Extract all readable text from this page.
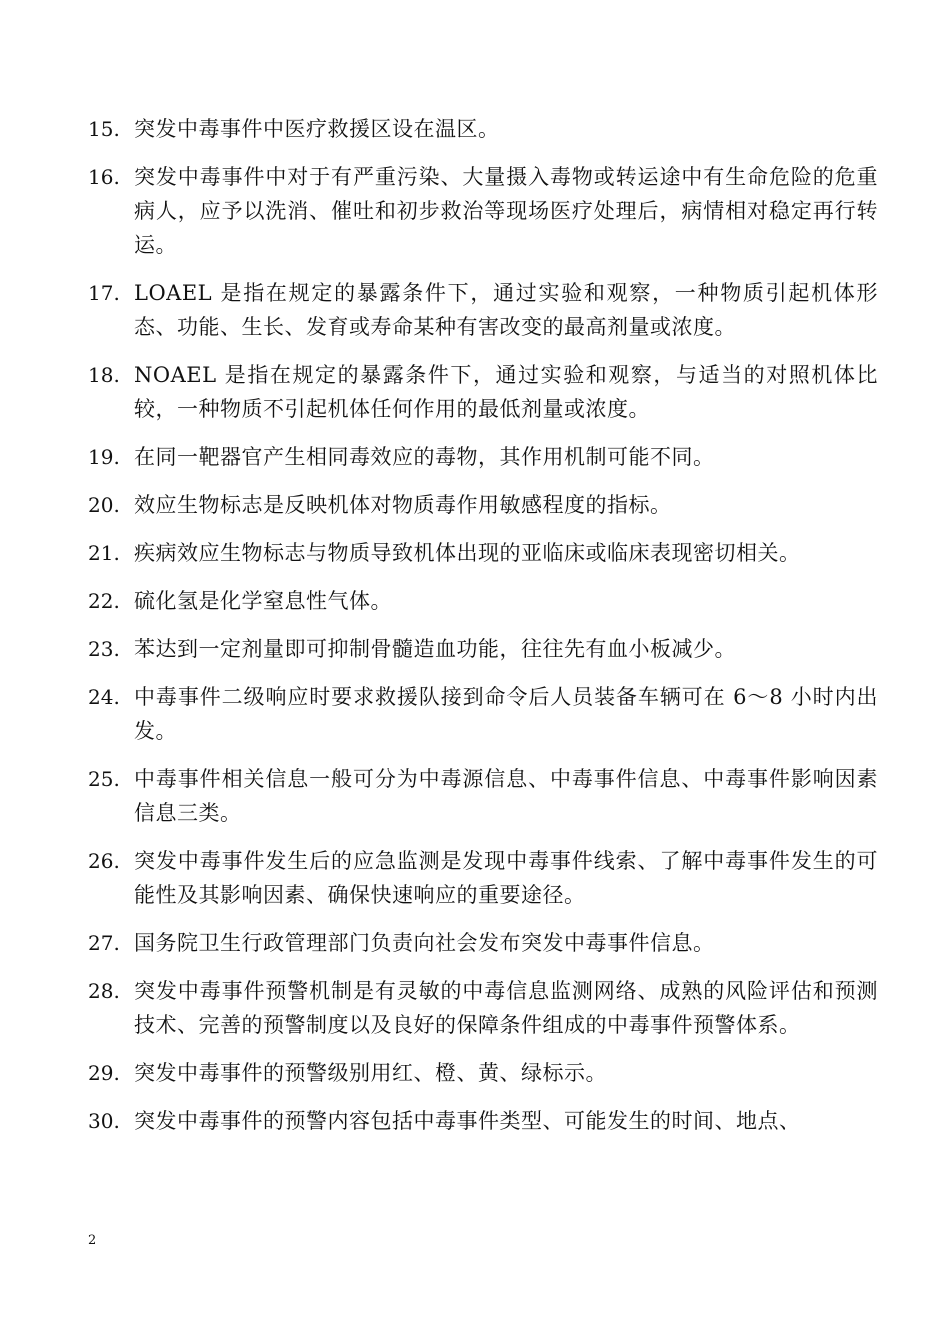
15. 突发中毒事件中医疗救援区设在温区。
16. 突发中毒事件中对于有严重污染、大量摄入毒物或转运途中有生命危险的危重病人，应予以洗消、催吐和初步救治等现场医疗处理后，病情相对稳定再行转运。
17. LOAEL 是指在规定的暴露条件下，通过实验和观察，一种物质引起机体形态、功能、生长、发育或寿命某种有害改变的最高剂量或浓度。
18. NOAEL 是指在规定的暴露条件下，通过实验和观察，与适当的对照机体比较，一种物质不引起机体任何作用的最低剂量或浓度。
19. 在同一靶器官产生相同毒效应的毒物，其作用机制可能不同。
20. 效应生物标志是反映机体对物质毒作用敏感程度的指标。
21. 疾病效应生物标志与物质导致机体出现的亚临床或临床表现密切相关。
22. 硫化氢是化学窒息性气体。
23. 苯达到一定剂量即可抑制骨髓造血功能，往往先有血小板减少。
24. 中毒事件二级响应时要求救援队接到命令后人员装备车辆可在 6～8 小时内出发。
25. 中毒事件相关信息一般可分为中毒源信息、中毒事件信息、中毒事件影响因素信息三类。
26. 突发中毒事件发生后的应急监测是发现中毒事件线索、了解中毒事件发生的可能性及其影响因素、确保快速响应的重要途径。
27. 国务院卫生行政管理部门负责向社会发布突发中毒事件信息。
28. 突发中毒事件预警机制是有灵敏的中毒信息监测网络、成熟的风险评估和预测技术、完善的预警制度以及良好的保障条件组成的中毒事件预警体系。
29. 突发中毒事件的预警级别用红、橙、黄、绿标示。
30. 突发中毒事件的预警内容包括中毒事件类型、可能发生的时间、地点、
2
